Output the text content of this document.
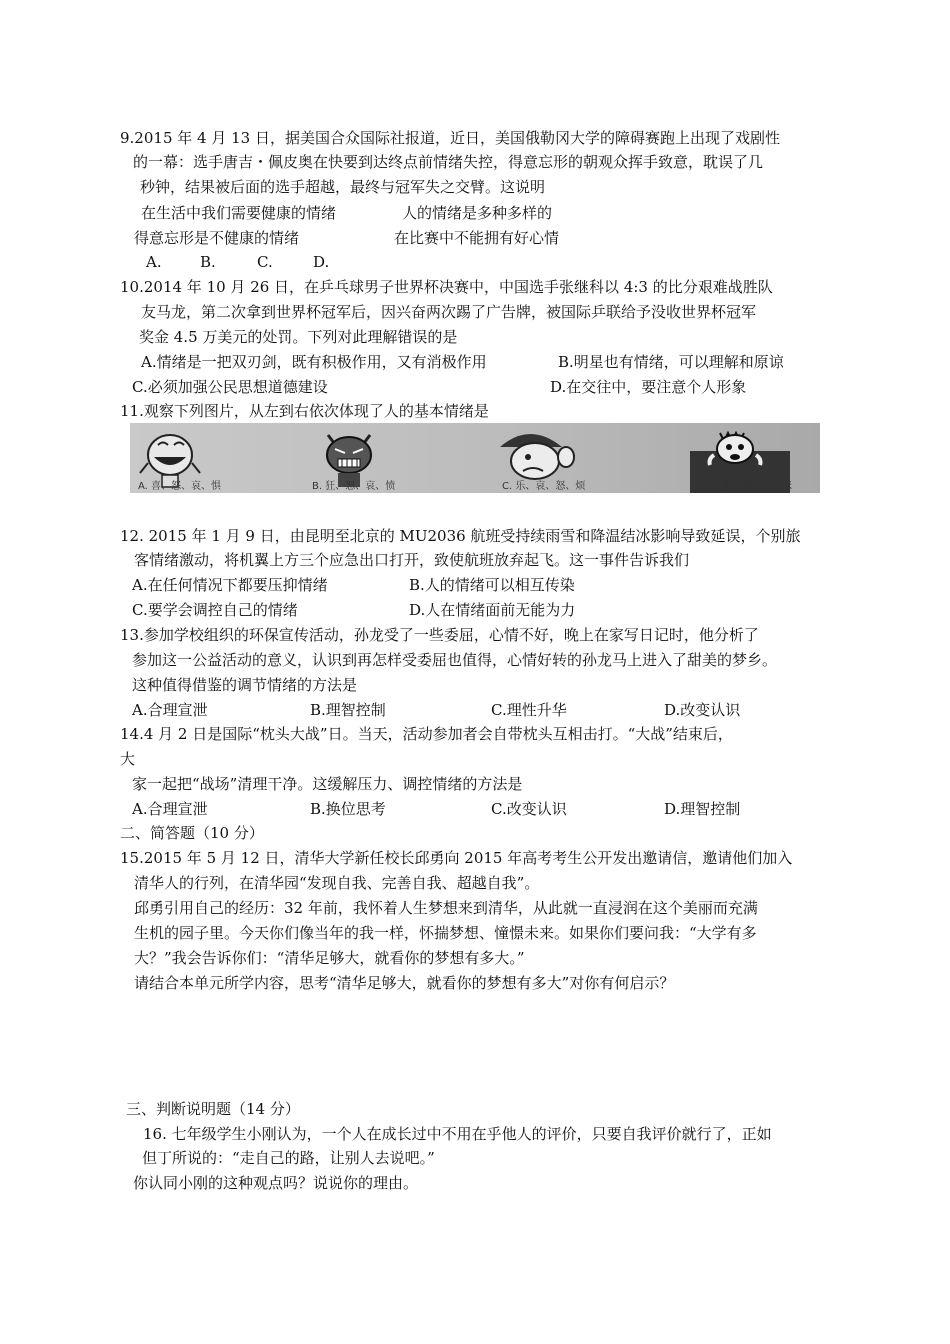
9.2015 年 4 月 13 日，据美国合众国际社报道，近日，美国俄勒冈大学的障碍赛跑上出现了戏剧性
的一幕：选手唐吉・佩皮奥在快要到达终点前情绪失控，得意忘形的朝观众挥手致意，耽误了几
秒钟，结果被后面的选手超越，最终与冠军失之交臂。这说明
在生活中我们需要健康的情绪	人的情绪是多种多样的
得意忘形是不健康的情绪	在比赛中不能拥有好心情
A.	B.	C.	D.
10.2014 年 10 月 26 日，在乒乓球男子世界杯决赛中，中国选手张继科以 4:3 的比分艰难战胜队
友马龙，第二次拿到世界杯冠军后，因兴奋两次踢了广告牌，被国际乒联给予没收世界杯冠军
奖金 4.5 万美元的处罚。下列对此理解错误的是
A.情绪是一把双刃剑，既有积极作用，又有消极作用	B.明星也有情绪，可以理解和原谅
C.必须加强公民思想道德建设	D.在交往中，要注意个人形象
11.观察下列图片，从左到右依次体现了人的基本情绪是
A. 喜、怒、哀、惧	B. 狂、怒、哀、愤	C. 乐、哀、怒、烦	D. 喜、怒、哀、悲
12. 2015 年 1 月 9 日，由昆明至北京的 MU2036 航班受持续雨雪和降温结冰影响导致延误，个别旅
客情绪激动，将机翼上方三个应急出口打开，致使航班放弃起飞。这一事件告诉我们
A.在任何情况下都要压抑情绪	B.人的情绪可以相互传染
C.要学会调控自己的情绪	D.人在情绪面前无能为力
13.参加学校组织的环保宣传活动，孙龙受了一些委屈，心情不好，晚上在家写日记时，他分析了
参加这一公益活动的意义，认识到再怎样受委屈也值得，心情好转的孙龙马上进入了甜美的梦乡。
这种值得借鉴的调节情绪的方法是
A.合理宣泄	B.理智控制	C.理性升华	D.改变认识
14.4 月 2 日是国际“枕头大战”日。当天，活动参加者会自带枕头互相击打。“大战”结束后，
大
家一起把“战场”清理干净。这缓解压力、调控情绪的方法是
A.合理宣泄	B.换位思考	C.改变认识	D.理智控制
二、简答题（10 分）
15.2015 年 5 月 12 日，清华大学新任校长邱勇向 2015 年高考考生公开发出邀请信，邀请他们加入
清华人的行列，在清华园“发现自我、完善自我、超越自我”。
邱勇引用自己的经历：32 年前，我怀着人生梦想来到清华，从此就一直浸润在这个美丽而充满
生机的园子里。今天你们像当年的我一样，怀揣梦想、憧憬未来。如果你们要问我：“大学有多
大？”我会告诉你们：“清华足够大，就看你的梦想有多大。”
请结合本单元所学内容，思考“清华足够大，就看你的梦想有多大”对你有何启示？
三、判断说明题（14 分）
16. 七年级学生小刚认为，一个人在成长过中不用在乎他人的评价，只要自我评价就行了，正如
但丁所说的：“走自己的路，让别人去说吧。”
你认同小刚的这种观点吗？说说你的理由。
